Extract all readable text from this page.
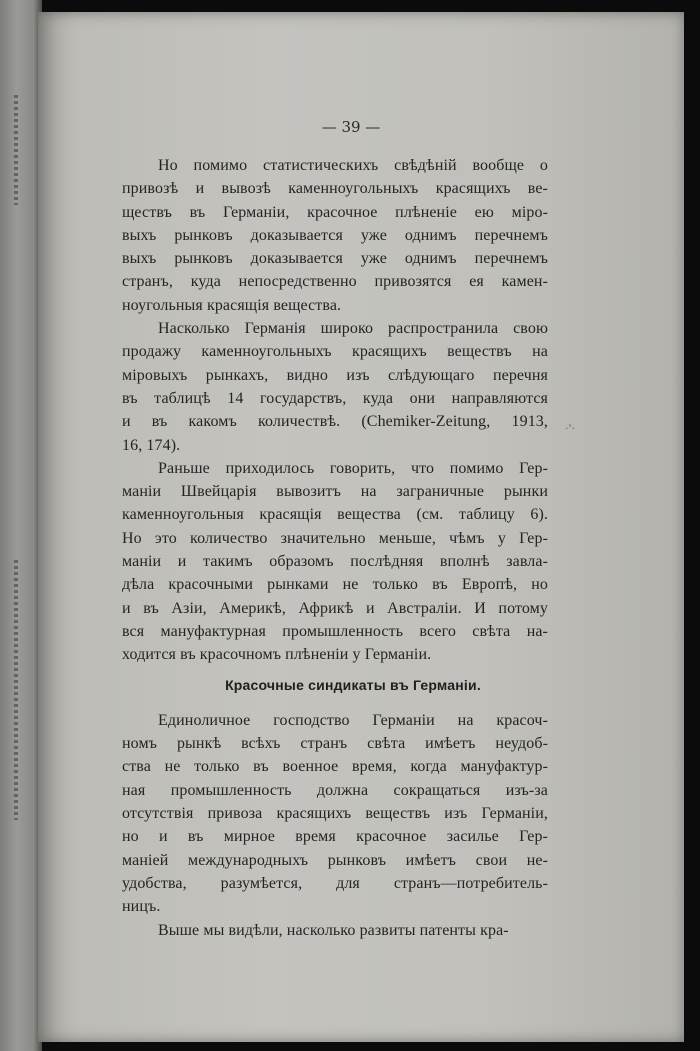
— 39 —
Но помимо статистическихъ свѣдѣній вообще о
привозѣ и вывозѣ каменноугольныхъ красящихъ ве-
ществъ въ Германіи, красочное плѣненіе ею міро-
выхъ рынковъ доказывается уже однимъ перечнемъ
выхъ рынковъ доказывается уже однимъ перечнемъ
странъ, куда непосредственно привозятся ея камен-
ноугольныя красящія вещества.
Насколько Германія широко распространила свою
продажу каменноугольныхъ красящихъ веществъ на
міровыхъ рынкахъ, видно изъ слѣдующаго перечня
въ таблицѣ 14 государствъ, куда они направляются
и въ какомъ количествѣ. (Chemiker-Zeitung, 1913,
16, 174).
Раньше приходилось говорить, что помимо Гер-
маніи Швейцарія вывозитъ на заграничные рынки
каменноугольныя красящія вещества (см. таблицу 6).
Но это количество значительно меньше, чѣмъ у Гер-
маніи и такимъ образомъ послѣдняя вполнѣ завла-
дѣла красочными рынками не только въ Европѣ, но
и въ Азіи, Америкѣ, Африкѣ и Австраліи. И потому
вся мануфактурная промышленность всего свѣта на-
ходится въ красочномъ плѣненіи у Германіи.
Красочные синдикаты въ Германіи.
Единоличное господство Германіи на красоч-
номъ рынкѣ всѣхъ странъ свѣта имѣетъ неудоб-
ства не только въ военное время, когда мануфактур-
ная промышленность должна сокращаться изъ-за
отсутствія привоза красящихъ веществъ изъ Германіи,
но и въ мирное время красочное засилье Гер-
маніей международныхъ рынковъ имѣетъ свои не-
удобства, разумѣется, для странъ—потребитель-
ницъ.
Выше мы видѣли, насколько развиты патенты кра-
·'·
